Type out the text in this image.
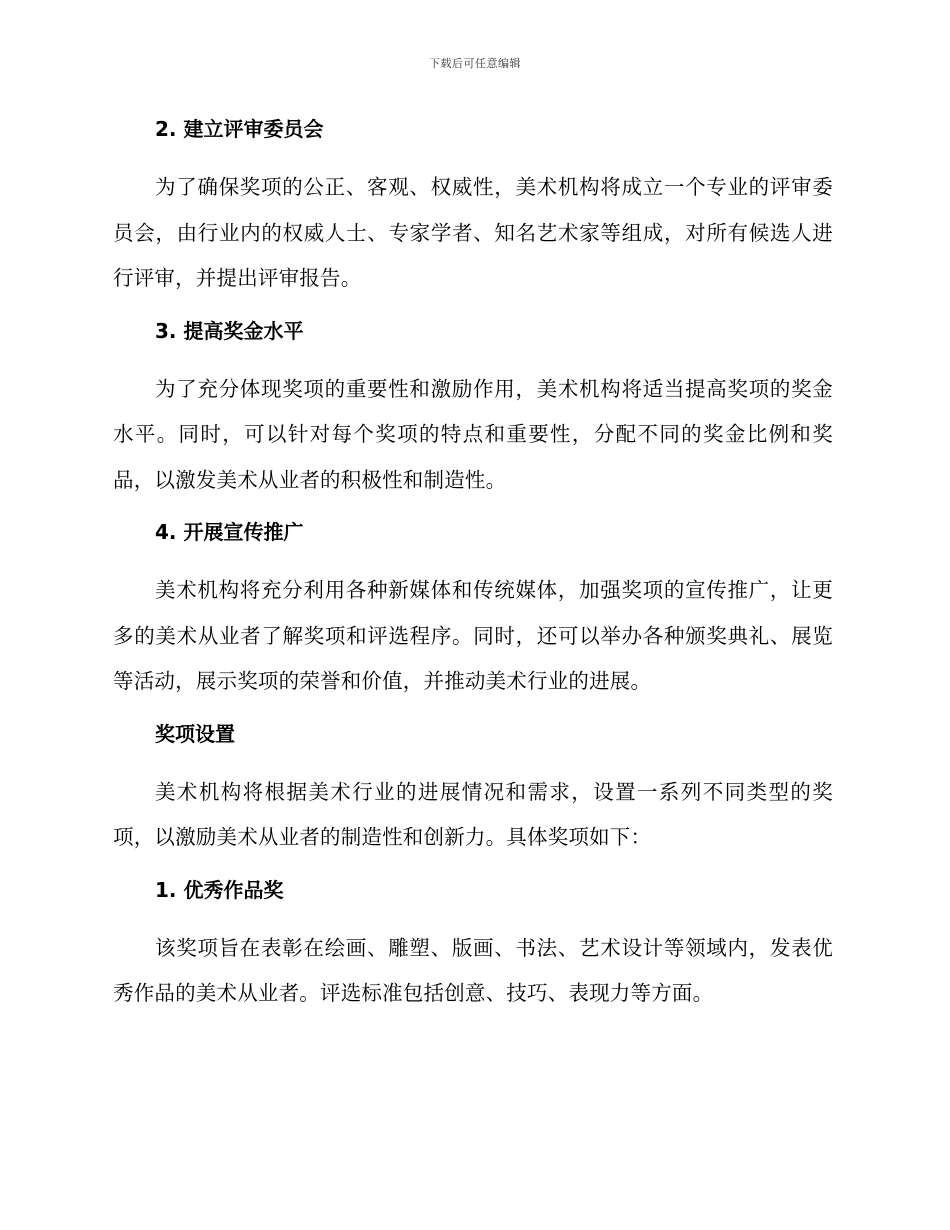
下载后可任意编辑
2. 建立评审委员会

为了确保奖项的公正、客观、权威性，美术机构将成立一个专业的评审委员会，由行业内的权威人士、专家学者、知名艺术家等组成，对所有候选人进行评审，并提出评审报告。

3. 提高奖金水平

为了充分体现奖项的重要性和激励作用，美术机构将适当提高奖项的奖金水平。同时，可以针对每个奖项的特点和重要性，分配不同的奖金比例和奖品，以激发美术从业者的积极性和制造性。

4. 开展宣传推广

美术机构将充分利用各种新媒体和传统媒体，加强奖项的宣传推广，让更多的美术从业者了解奖项和评选程序。同时，还可以举办各种颁奖典礼、展览等活动，展示奖项的荣誉和价值，并推动美术行业的进展。

奖项设置

美术机构将根据美术行业的进展情况和需求，设置一系列不同类型的奖项，以激励美术从业者的制造性和创新力。具体奖项如下：

1. 优秀作品奖

该奖项旨在表彰在绘画、雕塑、版画、书法、艺术设计等领域内，发表优秀作品的美术从业者。评选标准包括创意、技巧、表现力等方面。
